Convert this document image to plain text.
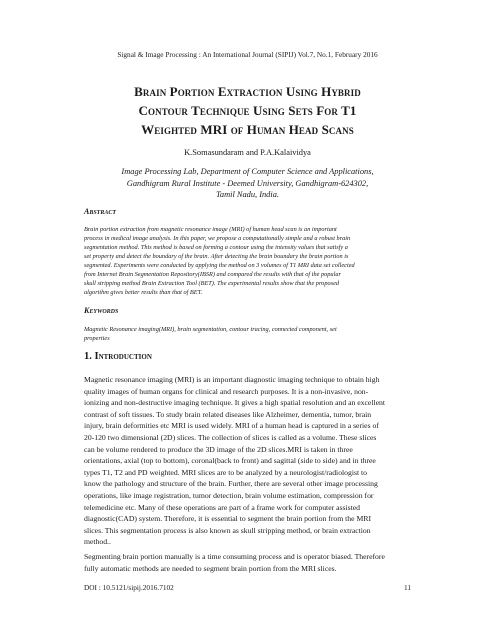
Signal & Image Processing : An International Journal (SIPIJ) Vol.7, No.1, February 2016
Brain Portion Extraction Using Hybrid
Contour Technique Using Sets For T1
Weighted MRI of Human Head Scans
K.Somasundaram and P.A.Kalaividya
Image Processing Lab, Department of Computer Science and Applications,
Gandhigram Rural Institute - Deemed University, Gandhigram-624302,
Tamil Nadu, India.
Abstract
Brain portion extraction from magnetic resonance image (MRI) of human head scan is an important
process in medical image analysis. In this paper, we propose a computationally simple and a robust brain
segmentation method. This method is based on forming a contour using the intensity values that satisfy a
set property and detect the boundary of the brain. After detecting the brain boundary the brain portion is
segmented. Experiments were conducted by applying the method on 3 volumes of T1 MRI data set collected
from Internet Brain Segmentation Repository(IBSR) and compared the results with that of the popular
skull stripping method Brain Extraction Tool (BET). The experimental results show that the proposed
algorithm gives better results than that of BET.
Keywords
Magnetic Resonance imaging(MRI), brain segmentation, contour tracing, connected component, set
properties
1. Introduction
Magnetic resonance imaging (MRI) is an important diagnostic imaging technique to obtain high
quality images of human organs for clinical and research purposes. It is a non-invasive, non-
ionizing and non-destructive imaging technique. It gives a high spatial resolution and an excellent
contrast of soft tissues. To study brain related diseases like Alzheimer, dementia, tumor, brain
injury, brain deformities etc MRI is used widely. MRI of a human head is captured in a series of
20-120 two dimensional (2D) slices. The collection of slices is called as a volume. These slices
can be volume rendered to produce the 3D image of the 2D slices.MRI is taken in three
orientations, axial (top to bottom), coronal(back to front) and sagittal (side to side) and in three
types T1, T2 and PD weighted. MRI slices are to be analyzed by a neurologist/radiologist to
know the pathology and structure of the brain. Further, there are several other image processing
operations, like image registration, tumor detection, brain volume estimation, compression for
telemedicine etc. Many of these operations are part of a frame work for computer assisted
diagnostic(CAD) system. Therefore, it is essential to segment the brain portion from the MRI
slices. This segmentation process is also known as skull stripping method, or brain extraction
method..
Segmenting brain portion manually is a time consuming process and is operator biased. Therefore
fully automatic methods are needed to segment brain portion from the MRI slices.
DOI : 10.5121/sipij.2016.7102	11
